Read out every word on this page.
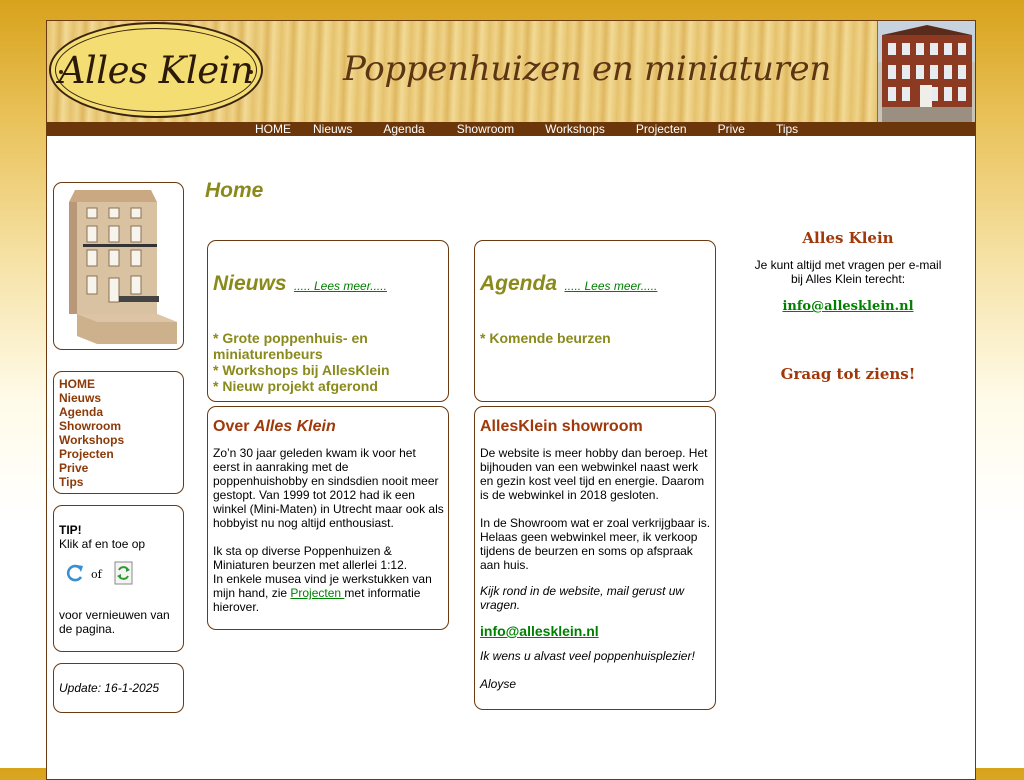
Alles Klein	Poppenhuizen en miniaturen
HOME Nieuws	Agenda	Showroom	Workshops	Projecten	Prive	Tips
HOME
Nieuws
Agenda
Showroom
Workshops
Projecten
Prive
Tips
TIP!
Klik af en toe op
of
voor vernieuwen van de pagina.
Update: 16-1-2025
Home
Nieuws ..... Lees meer.....
* Grote poppenhuis- en miniaturenbeurs
* Workshops bij AllesKlein
* Nieuw projekt afgerond
Agenda ..... Lees meer.....
* Komende beurzen
Over Alles Klein
Zo’n 30 jaar geleden kwam ik voor het eerst in aanraking met de poppenhuishobby en sindsdien nooit meer gestopt. Van 1999 tot 2012 had ik een winkel (Mini-Maten) in Utrecht maar ook als hobbyist nu nog altijd enthousiast.
Ik sta op diverse Poppenhuizen & Miniaturen beurzen met allerlei 1:12.
In enkele musea vind je werkstukken van mijn hand, zie Projecten met informatie hierover.
AllesKlein showroom
De website is meer hobby dan beroep. Het bijhouden van een webwinkel naast werk en gezin kost veel tijd en energie. Daarom is de webwinkel in 2018 gesloten.
In de Showroom wat er zoal verkrijgbaar is. Helaas geen webwinkel meer, ik verkoop tijdens de beurzen en soms op afspraak aan huis.
Kijk rond in de website, mail gerust uw vragen.
info@allesklein.nl
Ik wens u alvast veel poppenhuisplezier!
Aloyse
Alles Klein
Je kunt altijd met vragen per e-mail bij Alles Klein terecht:
info@allesklein.nl
Graag tot ziens!
